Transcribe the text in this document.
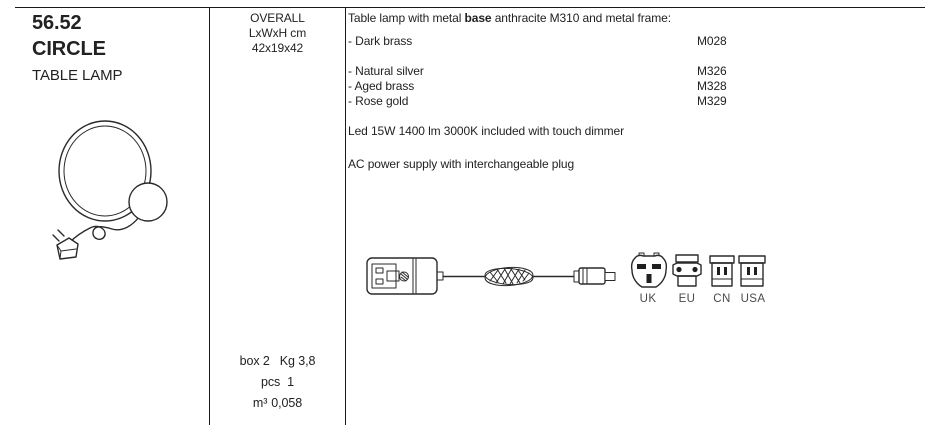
56.52
CIRCLE
TABLE LAMP
OVERALL
LxWxH cm
42x19x42
box 2 Kg 3,8
pcs 1
m³ 0,058

Table lamp with metal base anthracite M310 and metal frame:

- Dark brass	M028
- Natural silver	M326
- Aged brass	M328
- Rose gold	M329

Led 15W 1400 lm 3000K included with touch dimmer

AC power supply with interchangeable plug

UK EU CN USA
